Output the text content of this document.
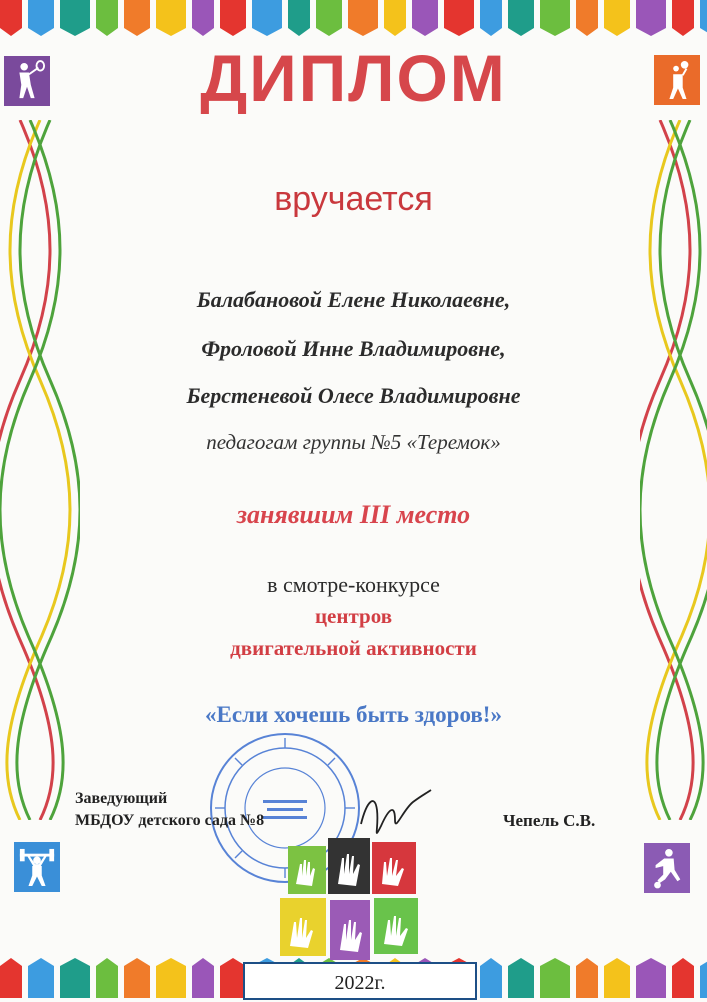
ДИПЛОМ
вручается
Балабановой Елене Николаевне,
Фроловой Инне Владимировне,
Берстеневой Олесе Владимировне
педагогам группы №5 «Теремок»
занявшим III место
в смотре-конкурсе
центров
двигательной активности
«Если хочешь быть здоров!»
Заведующий
МБДОУ детского сада №8	Чепель С.В.
2022г.
